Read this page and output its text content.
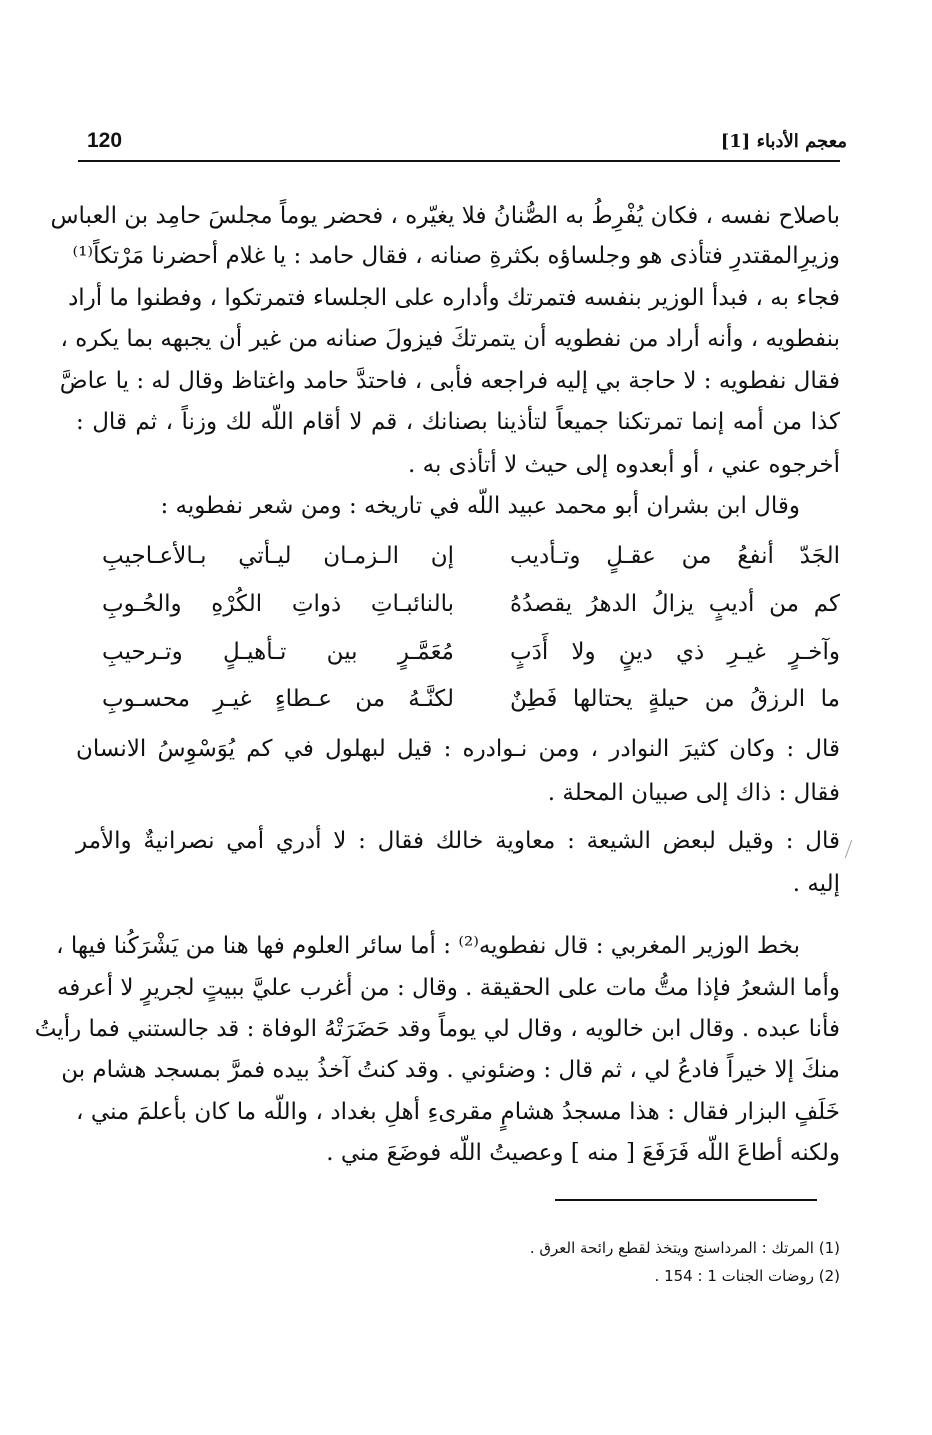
معجم الأدباء [1]
120
باصلاح نفسه ، فكان يُفْرِطُ به الصُّنانُ فلا يغيّره ، فحضر يوماً مجلسَ حامِد بن العباس
وزيرِالمقتدرِ فتأذى هو وجلساؤه بكثرةِ صنانه ، فقال حامد : يا غلام أحضرنا مَرْتكاً⁽¹⁾
فجاء به ، فبدأ الوزير بنفسه فتمرتك وأداره على الجلساء فتمرتكوا ، وفطنوا ما أراد
بنفطويه ، وأنه أراد من نفطويه أن يتمرتكَ فيزولَ صنانه من غير أن يجبهه بما يكره ،
فقال نفطويه : لا حاجة بي إليه فراجعه فأبى ، فاحتدَّ حامد واغتاظ وقال له : يا عاضَّ
كذا من أمه إنما تمرتكنا جميعاً لتأذينا بصنانك ، قم لا أقام اللّه لك وزناً ، ثم قال :
أخرجوه عني ، أو أبعدوه إلى حيث لا أتأذى به .
وقال ابن بشران أبو محمد عبيد اللّه في تاريخه : ومن شعر نفطويه :
قال : وكان كثيرَ النوادر ، ومن نـوادره : قيل لبهلول في كم يُوَسْوِسُ الانسان
فقال : ذاك إلى صبيان المحلة .
قال : وقيل لبعض الشيعة : معاوية خالك فقال : لا أدري أمي نصرانيةٌ والأمر
إليه .
بخط الوزير المغربي : قال نفطويه⁽²⁾ : أما سائر العلوم فها هنا من يَشْرَكُنا فيها ،
وأما الشعرُ فإذا متُّ مات على الحقيقة . وقال : من أغرب عليَّ ببيتٍ لجريرٍ لا أعرفه
فأنا عبده . وقال ابن خالويه ، وقال لي يوماً وقد حَضَرَتْهُ الوفاة : قد جالستني فما رأيتُ
منكَ إلا خيراً فادعُ لي ، ثم قال : وضئوني . وقد كنتُ آخذُ بيده فمرَّ بمسجد هشام بن
خَلَفٍ البزار فقال : هذا مسجدُ هشامٍ مقرىءِ أهلِ بغداد ، واللّه ما كان بأعلمَ مني ،
ولكنه أطاعَ اللّه فَرَفَعَ [ منه ] وعصيتُ اللّه فوضَعَ مني .
(1) المرتك : المرداسنج ويتخذ لقطع رائحة العرق .
(2) روضات الجنات 1 : 154 .
الجَدّ أنفعُ من عقـلٍ وتـأديب
إن الـزمـان ليـأتي بـالأعـاجيبِ
كم من أديبٍ يزالُ الدهرُ يقصدُهُ
بالنائبـاتِ ذواتِ الكُرْهِ والحُـوبِ
وآخـرٍ غيـرِ ذي دينٍ ولا أَدَبٍ
مُعَمَّـرٍ بين تـأهيـلٍ وتـرحيبِ
ما الرزقُ من حيلةٍ يحتالها فَطِنٌ
لكنَّـهُ من عـطاءٍ غيـرِ محسـوبِ
